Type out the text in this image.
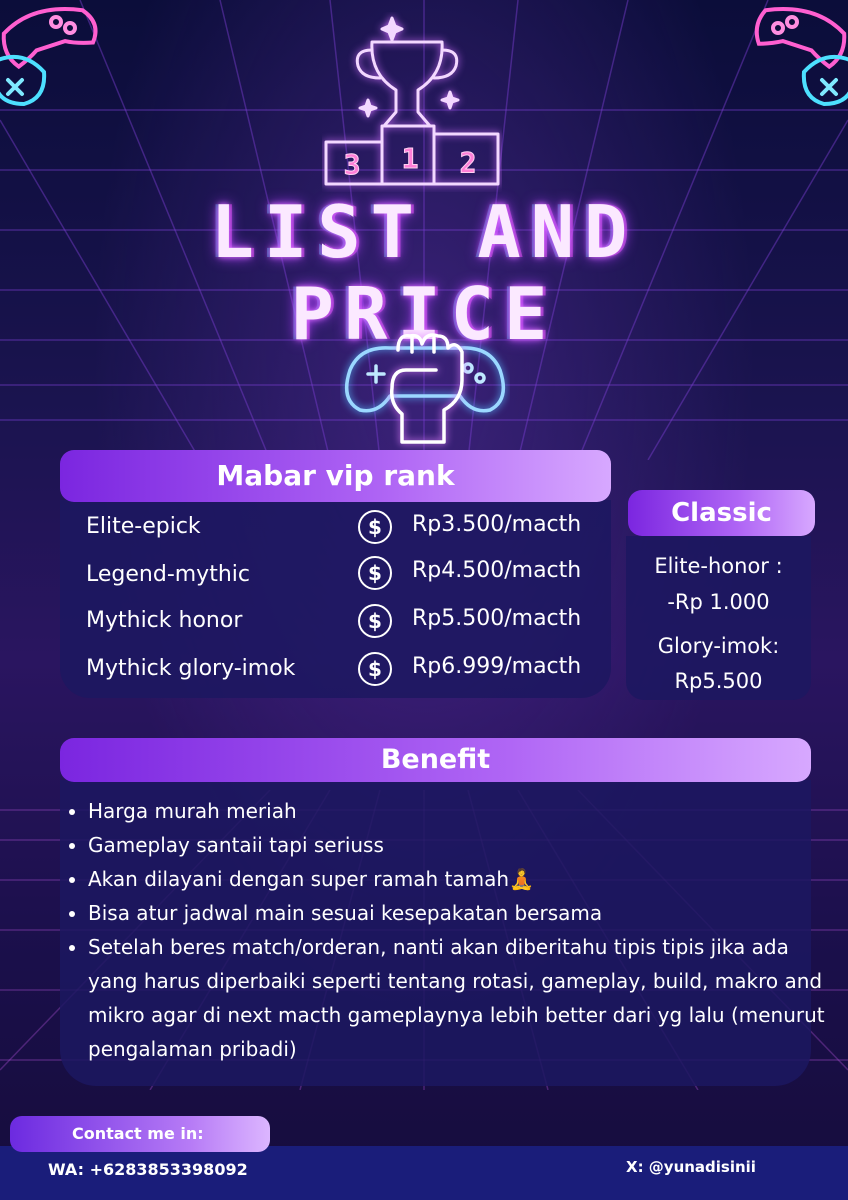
1
3	2
LIST AND
PRICE
Mabar vip rank
Elite-epick	$	Rp3.500/macth
Legend-mythic	$	Rp4.500/macth
Mythick honor	$	Rp5.500/macth
Mythick glory-imok	$	Rp6.999/macth
Classic
Elite-honor :
-Rp 1.000
Glory-imok:
Rp5.500
Benefit
• Harga murah meriah
• Gameplay santaii tapi seriuss
• Akan dilayani dengan super ramah tamah🧘
• Bisa atur jadwal main sesuai kesepakatan bersama
• Setelah beres match/orderan, nanti akan diberitahu tipis tipis jika ada yang harus diperbaiki seperti tentang rotasi, gameplay, build, makro and mikro agar di next macth gameplaynya lebih better dari yg lalu (menurut pengalaman pribadi)
Contact me in:
WA: +6283853398092	X: @yunadisinii
